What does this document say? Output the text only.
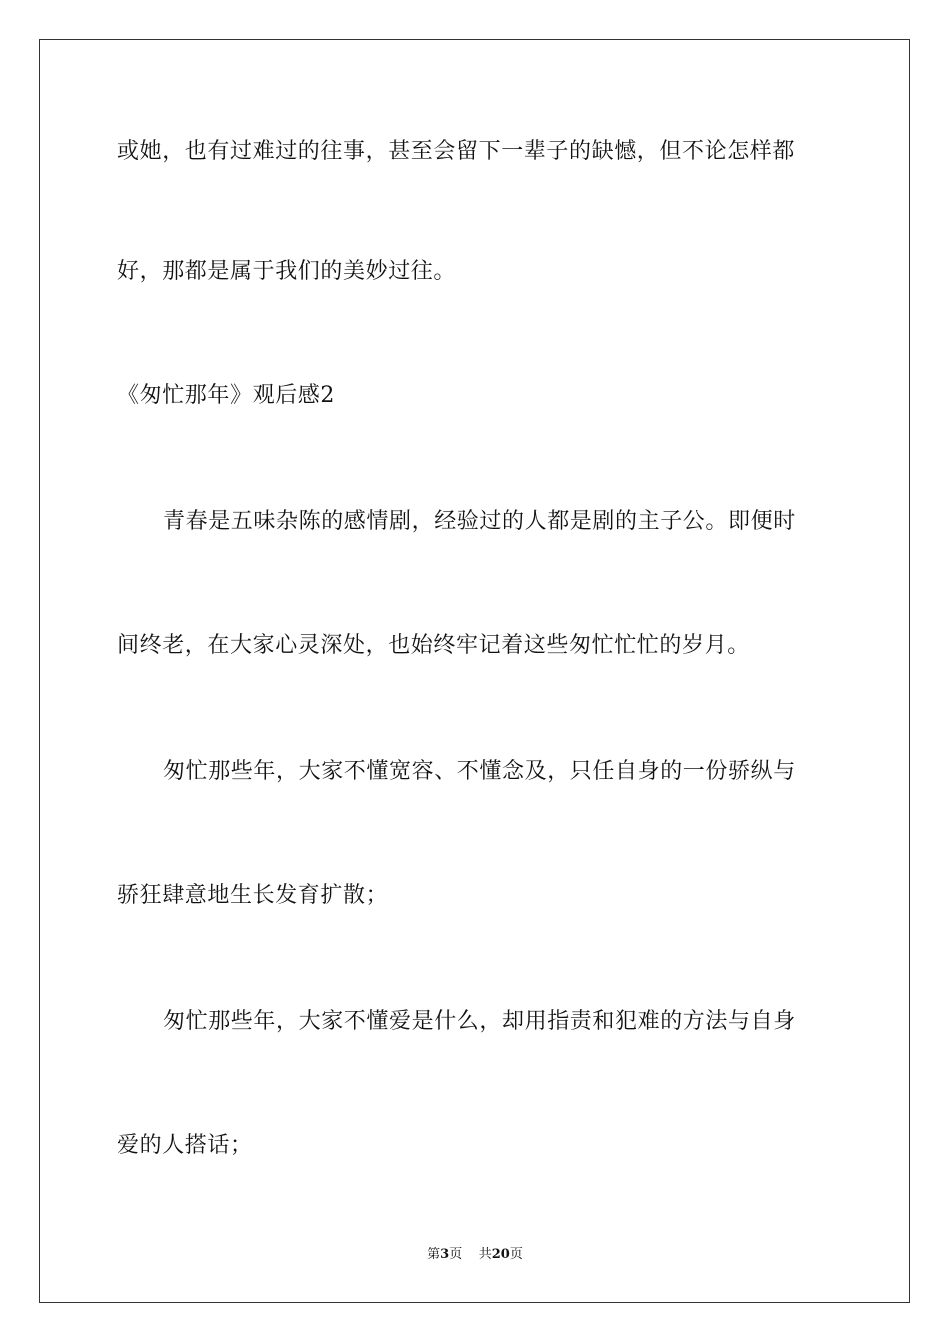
或她，也有过难过的往事，甚至会留下一辈子的缺憾，但不论怎样都
好，那都是属于我们的美妙过往。
《匆忙那年》观后感2
青春是五味杂陈的感情剧，经验过的人都是剧的主子公。即便时
间终老，在大家心灵深处，也始终牢记着这些匆忙忙忙的岁月。
匆忙那些年，大家不懂宽容、不懂念及，只任自身的一份骄纵与
骄狂肆意地生长发育扩散；
匆忙那些年，大家不懂爱是什么，却用指责和犯难的方法与自身
爱的人搭话；
第3页 共20页
